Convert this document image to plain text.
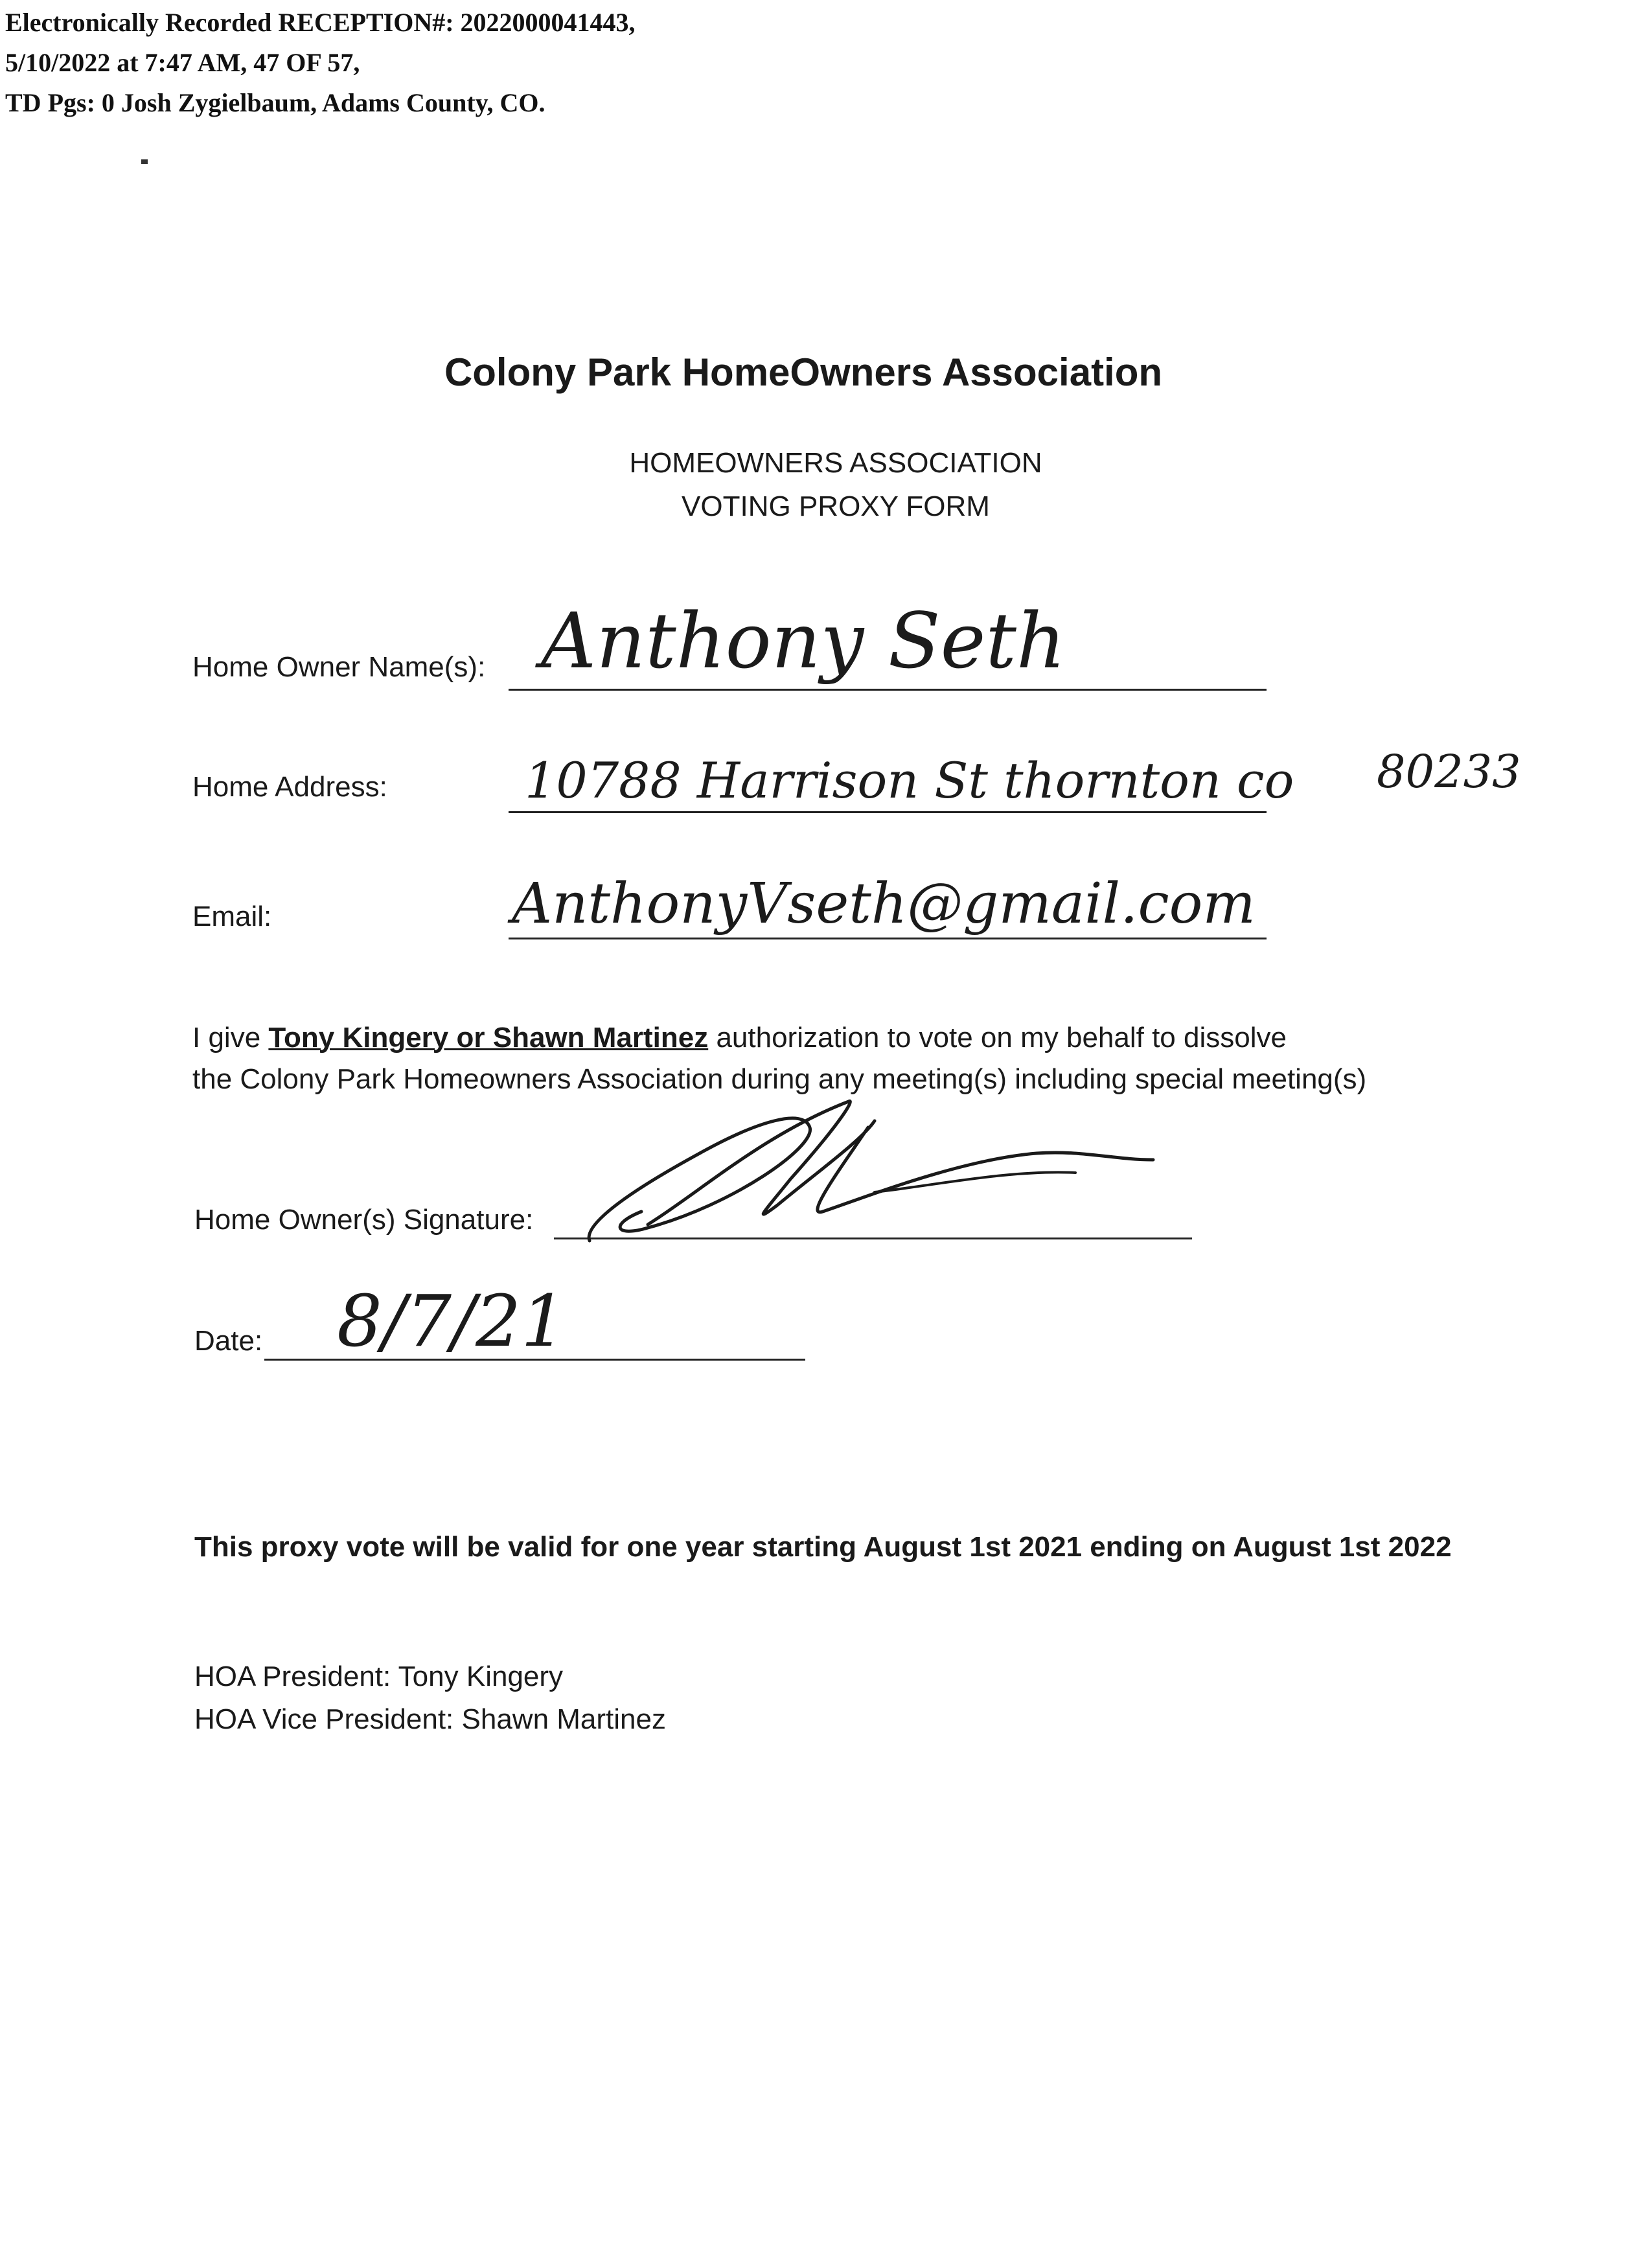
Electronically Recorded RECEPTION#: 2022000041443,
5/10/2022 at 7:47 AM, 47 OF 57,
TD Pgs: 0 Josh Zygielbaum, Adams County, CO.
Colony Park HomeOwners Association
HOMEOWNERS ASSOCIATION
VOTING PROXY FORM
Home Owner Name(s): Anthony Seth
Home Address:	10788 Harrison St thornton co 80233
Email:	AnthonyVseth@gmail.com
I give Tony Kingery or Shawn Martinez authorization to vote on my behalf to dissolve
the Colony Park Homeowners Association during any meeting(s) including special meeting(s)
Home Owner(s) Signature:
Date: 8/7/21
This proxy vote will be valid for one year starting August 1st 2021 ending on August 1st 2022
HOA President: Tony Kingery
HOA Vice President: Shawn Martinez
